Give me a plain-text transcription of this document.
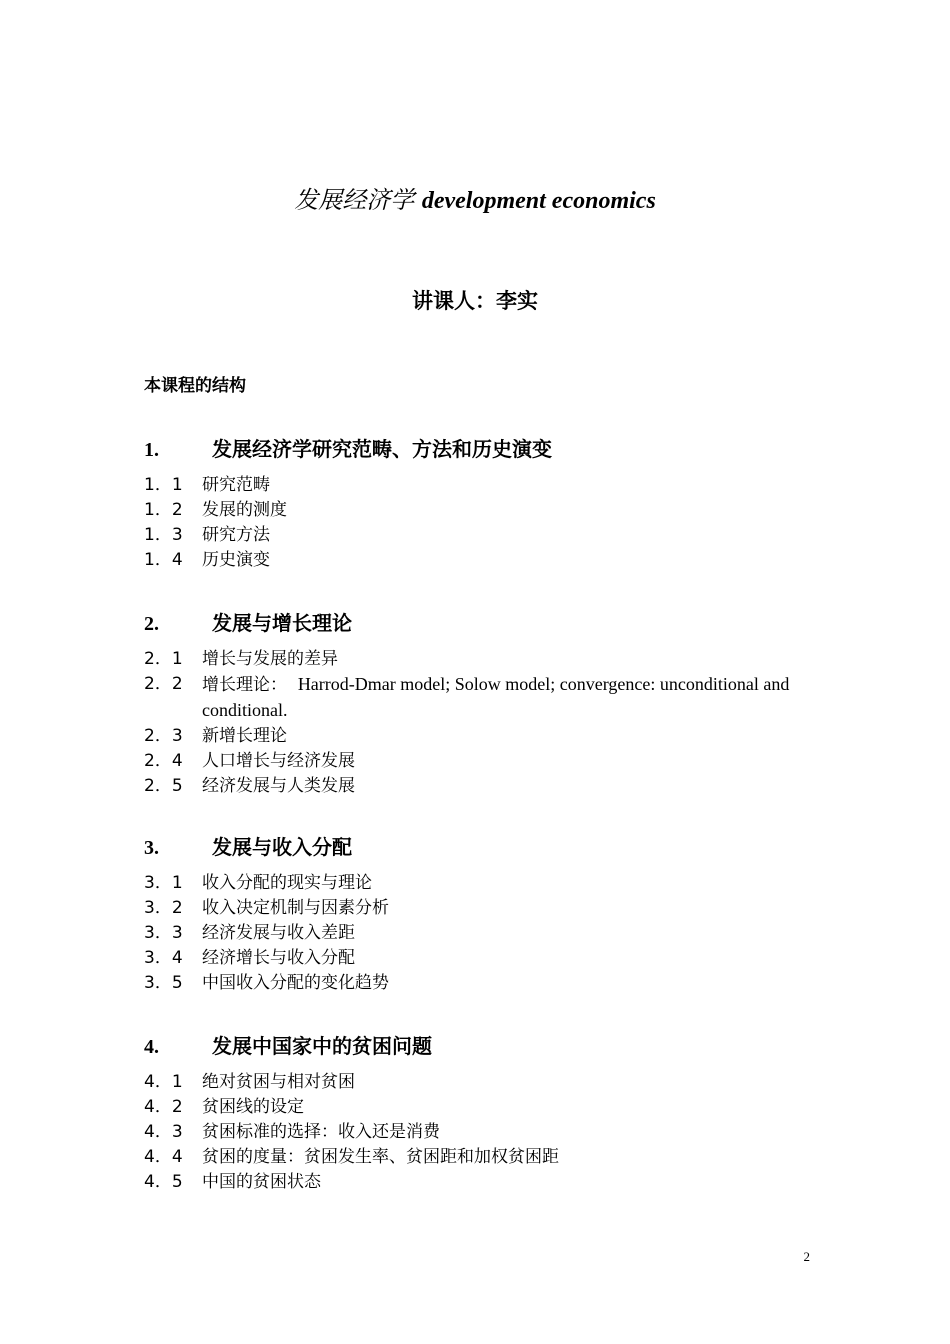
发展经济学 development economics
讲课人：李实
本课程的结构
1.	发展经济学研究范畴、方法和历史演变
1．1	研究范畴
1．2	发展的测度
1．3	研究方法
1．4	历史演变
2.	发展与增长理论
2．1	增长与发展的差异
2．2	增长理论： Harrod-Dmar model; Solow model; convergence: unconditional and conditional.
2．3	新增长理论
2．4	人口增长与经济发展
2．5	经济发展与人类发展
3.	发展与收入分配
3．1	收入分配的现实与理论
3．2	收入决定机制与因素分析
3．3	经济发展与收入差距
3．4	经济增长与收入分配
3．5	中国收入分配的变化趋势
4.	发展中国家中的贫困问题
4．1	绝对贫困与相对贫困
4．2	贫困线的设定
4．3	贫困标准的选择：收入还是消费
4．4	贫困的度量：贫困发生率、贫困距和加权贫困距
4．5	中国的贫困状态
2
